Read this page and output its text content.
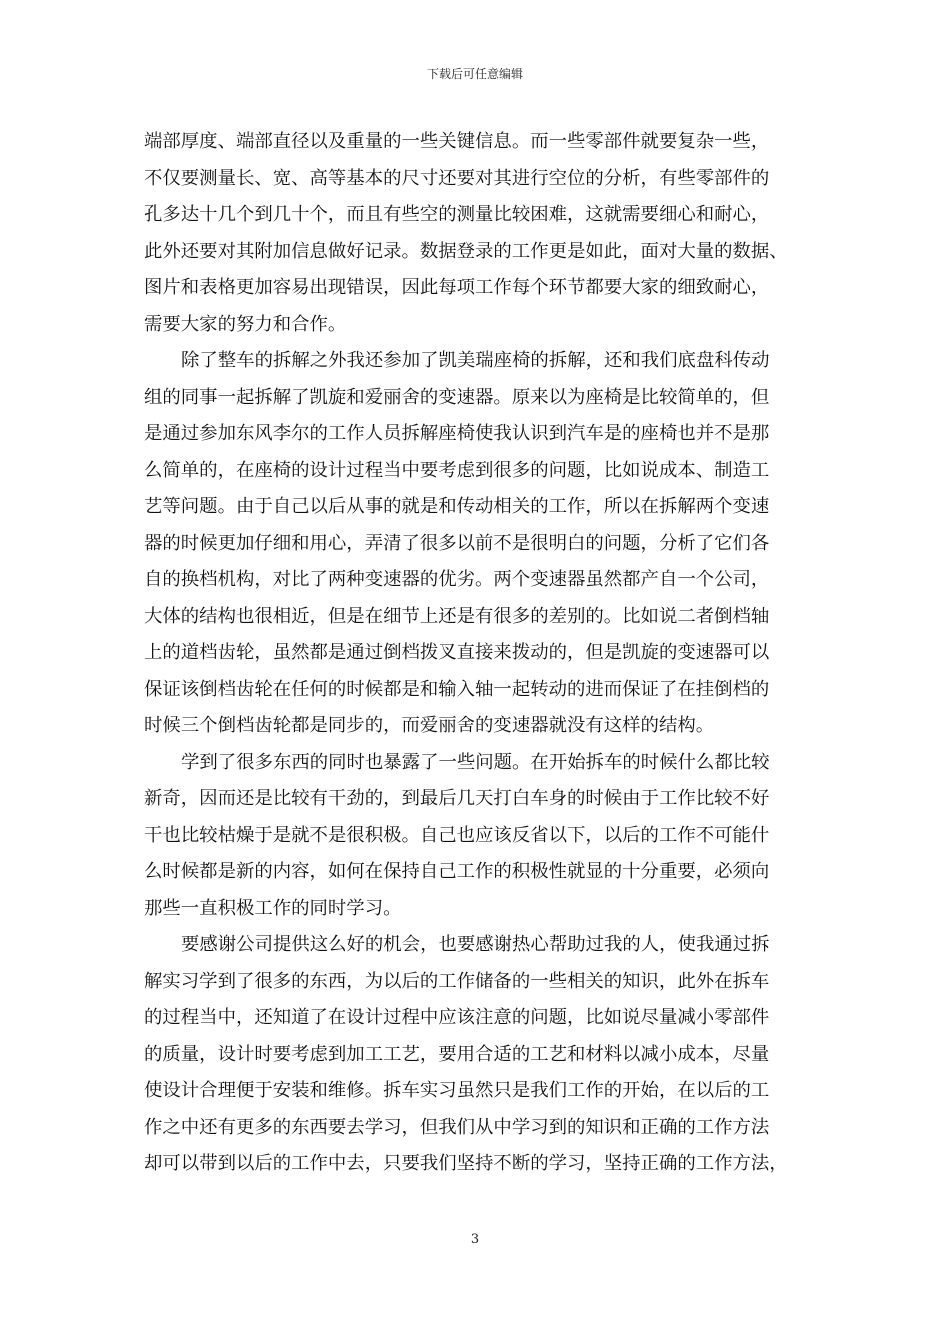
下载后可任意编辑
端部厚度、端部直径以及重量的一些关键信息。而一些零部件就要复杂一些，
不仅要测量长、宽、高等基本的尺寸还要对其进行空位的分析，有些零部件的
孔多达十几个到几十个，而且有些空的测量比较困难，这就需要细心和耐心，
此外还要对其附加信息做好记录。数据登录的工作更是如此，面对大量的数据、
图片和表格更加容易出现错误，因此每项工作每个环节都要大家的细致耐心，
需要大家的努力和合作。
除了整车的拆解之外我还参加了凯美瑞座椅的拆解，还和我们底盘科传动
组的同事一起拆解了凯旋和爱丽舍的变速器。原来以为座椅是比较简单的，但
是通过参加东风李尔的工作人员拆解座椅使我认识到汽车是的座椅也并不是那
么简单的，在座椅的设计过程当中要考虑到很多的问题，比如说成本、制造工
艺等问题。由于自己以后从事的就是和传动相关的工作，所以在拆解两个变速
器的时候更加仔细和用心，弄清了很多以前不是很明白的问题，分析了它们各
自的换档机构，对比了两种变速器的优劣。两个变速器虽然都产自一个公司，
大体的结构也很相近，但是在细节上还是有很多的差别的。比如说二者倒档轴
上的道档齿轮，虽然都是通过倒档拨叉直接来拨动的，但是凯旋的变速器可以
保证该倒档齿轮在任何的时候都是和输入轴一起转动的进而保证了在挂倒档的
时候三个倒档齿轮都是同步的，而爱丽舍的变速器就没有这样的结构。
学到了很多东西的同时也暴露了一些问题。在开始拆车的时候什么都比较
新奇，因而还是比较有干劲的，到最后几天打白车身的时候由于工作比较不好
干也比较枯燥于是就不是很积极。自己也应该反省以下，以后的工作不可能什
么时候都是新的内容，如何在保持自己工作的积极性就显的十分重要，必须向
那些一直积极工作的同时学习。
要感谢公司提供这么好的机会，也要感谢热心帮助过我的人，使我通过拆
解实习学到了很多的东西，为以后的工作储备的一些相关的知识，此外在拆车
的过程当中，还知道了在设计过程中应该注意的问题，比如说尽量减小零部件
的质量，设计时要考虑到加工工艺，要用合适的工艺和材料以减小成本，尽量
使设计合理便于安装和维修。拆车实习虽然只是我们工作的开始，在以后的工
作之中还有更多的东西要去学习，但我们从中学习到的知识和正确的工作方法
却可以带到以后的工作中去，只要我们坚持不断的学习，坚持正确的工作方法，
3
